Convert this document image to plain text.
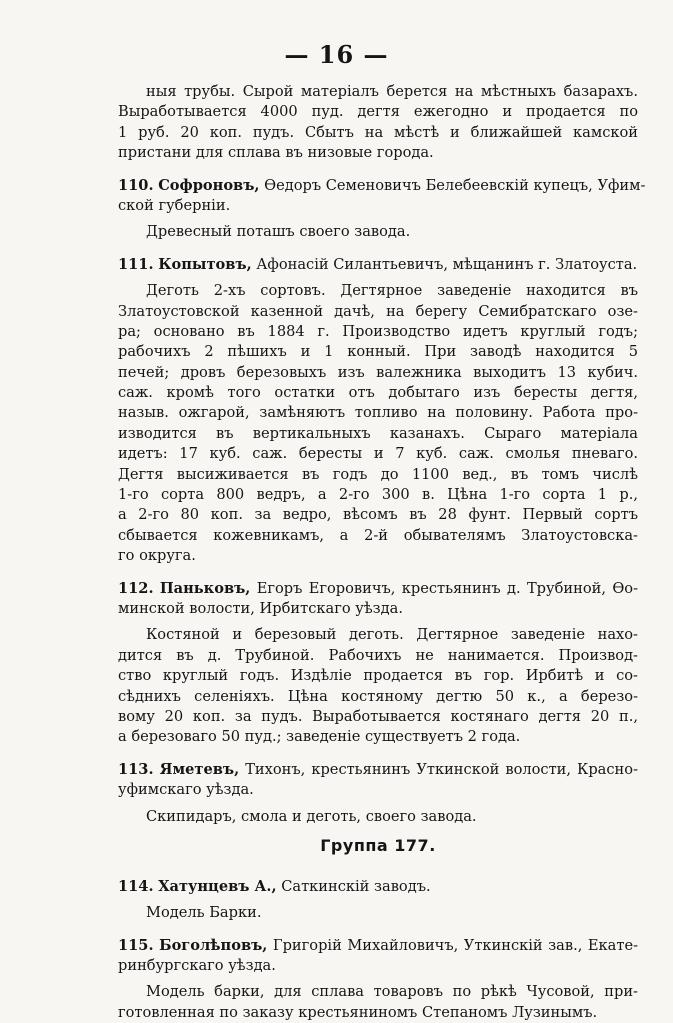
— 16 —
ныя трубы. Сырой матеріалъ берется на мѣстныхъ базарахъ.
Выработывается 4000 пуд. дегтя ежегодно и продается по
1 руб. 20 коп. пудъ. Сбытъ на мѣстѣ и ближайшей камской
пристани для сплава въ низовые города.
110. Софроновъ, Ѳедоръ Семеновичъ Белебеевскій купецъ, Уфим-
ской губерніи.
Древесный поташъ своего завода.
111. Копытовъ, Афонасій Силантьевичъ, мѣщанинъ г. Златоуста.
Деготь 2-хъ сортовъ. Дегтярное заведеніе находится въ
Златоустовской казенной дачѣ, на берегу Семибратскаго озе-
ра; основано въ 1884 г. Производство идетъ круглый годъ;
рабочихъ 2 пѣшихъ и 1 конный. При заводѣ находится 5
печей; дровъ березовыхъ изъ валежника выходитъ 13 кубич.
саж. кромѣ того остатки отъ добытаго изъ бересты дегтя,
назыв. ожгарой, замѣняютъ топливо на половину. Работа про-
изводится въ вертикальныхъ казанахъ. Сыраго матеріала
идетъ: 17 куб. саж. бересты и 7 куб. саж. смолья пневаго.
Дегтя высиживается въ годъ до 1100 вед., въ томъ числѣ
1-го сорта 800 ведръ, а 2-го 300 в. Цѣна 1-го сорта 1 р.,
а 2-го 80 коп. за ведро, вѣсомъ въ 28 фунт. Первый сортъ
сбывается кожевникамъ, а 2-й обывателямъ Златоустовска-
го округа.
112. Паньковъ, Егоръ Егоровичъ, крестьянинъ д. Трубиной, Ѳо-
минской волости, Ирбитскаго уѣзда.
Костяной и березовый деготь. Дегтярное заведеніе нахо-
дится въ д. Трубиной. Рабочихъ не нанимается. Производ-
ство круглый годъ. Издѣліе продается въ гор. Ирбитѣ и со-
сѣднихъ селеніяхъ. Цѣна костяному дегтю 50 к., а березо-
вому 20 коп. за пудъ. Выработывается костянаго дегтя 20 п.,
а березоваго 50 пуд.; заведеніе существуетъ 2 года.
113. Яметевъ, Тихонъ, крестьянинъ Уткинской волости, Красно-
уфимскаго уѣзда.
Скипидаръ, смола и деготь, своего завода.
Группа 177.
114. Хатунцевъ А., Саткинскій заводъ.
Модель Барки.
115. Боголѣповъ, Григорій Михайловичъ, Уткинскій зав., Екате-
ринбургскаго уѣзда.
Модель барки, для сплава товаровъ по рѣкѣ Чусовой, при-
готовленная по заказу крестьяниномъ Степаномъ Лузинымъ.
